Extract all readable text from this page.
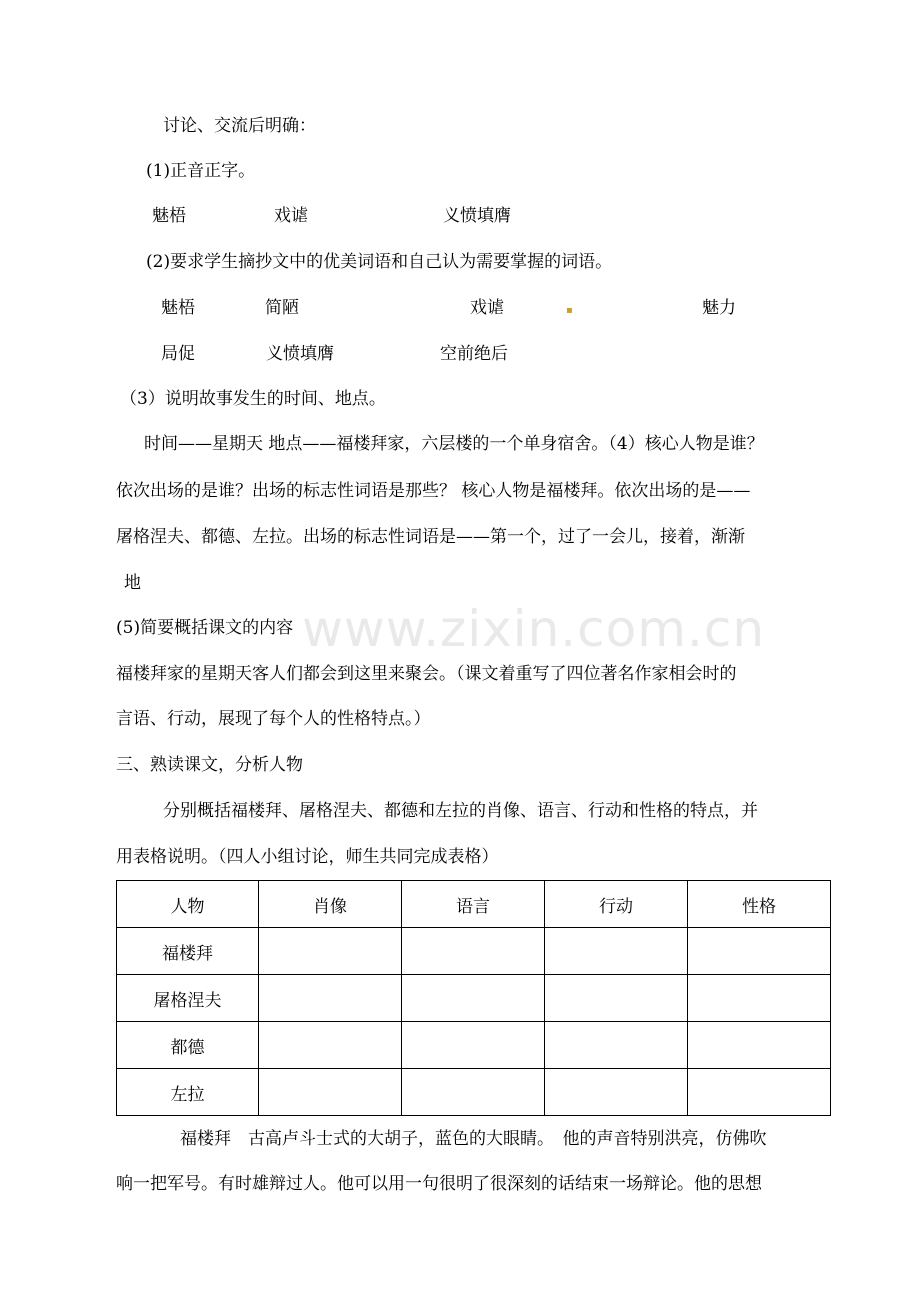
www.zixin.com.cn
讨论、交流后明确：
(1)正音正字。
魅梧	戏谑	义愤填膺
(2)要求学生摘抄文中的优美词语和自己认为需要掌握的词语。
魅梧	简陋	戏谑	▪	魅力
局促	义愤填膺	空前绝后
（3）说明故事发生的时间、地点。
时间——星期天 地点——福楼拜家，六层楼的一个单身宿舍。（4）核心人物是谁？
依次出场的是谁？出场的标志性词语是那些？ 核心人物是福楼拜。依次出场的是——
屠格涅夫、都德、左拉。出场的标志性词语是——第一个，过了一会儿，接着，渐渐
地
(5)简要概括课文的内容
福楼拜家的星期天客人们都会到这里来聚会。（课文着重写了四位著名作家相会时的
言语、行动，展现了每个人的性格特点。）
三、熟读课文，分析人物
分别概括福楼拜、屠格涅夫、都德和左拉的肖像、语言、行动和性格的特点，并
用表格说明。（四人小组讨论，师生共同完成表格）
人物	肖像	语言	行动	性格
福楼拜				
屠格涅夫				
都德				
左拉				
福楼拜　古高卢斗士式的大胡子，蓝色的大眼睛。　他的声音特别洪亮，仿佛吹
响一把军号。有时雄辩过人。他可以用一句很明了很深刻的话结束一场辩论。他的思想
